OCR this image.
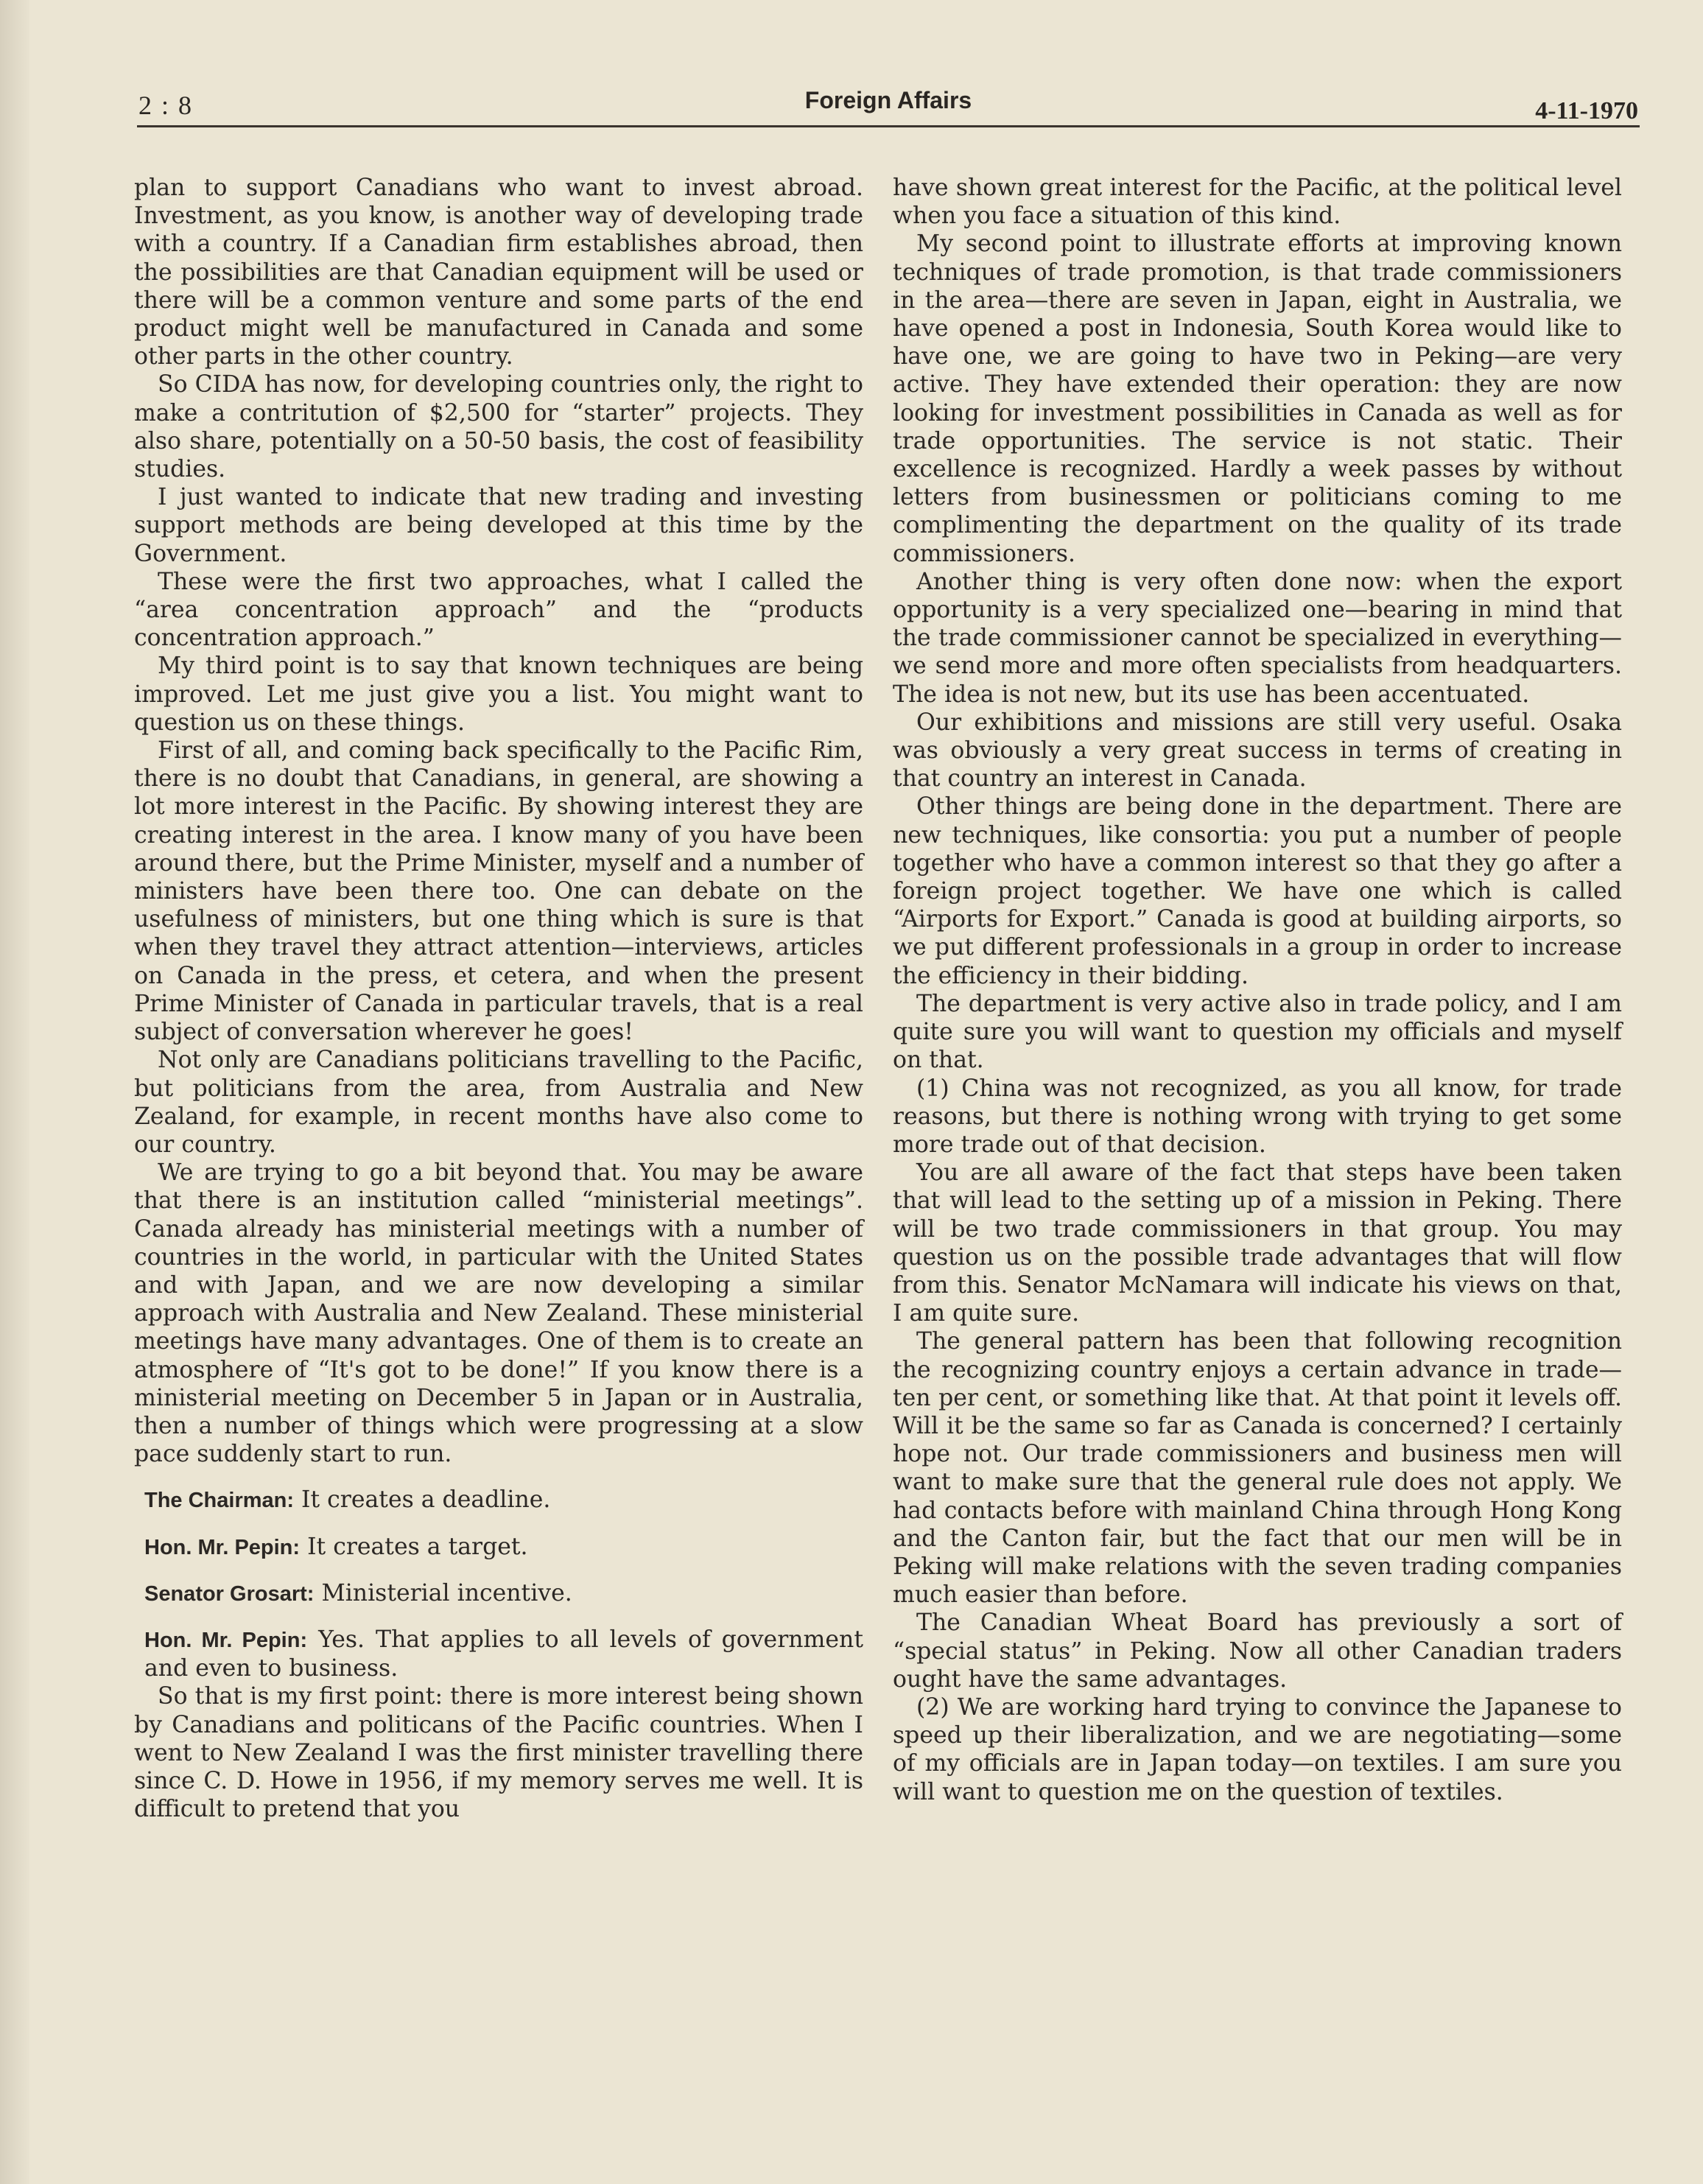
2 : 8	Foreign Affairs	4-11-1970

plan to support Canadians who want to invest abroad. Investment, as you know, is another way of developing trade with a country. If a Canadian firm establishes abroad, then the possibilities are that Canadian equipment will be used or there will be a common venture and some parts of the end product might well be manufactured in Canada and some other parts in the other country.

So CIDA has now, for developing countries only, the right to make a contritution of $2,500 for “starter” projects. They also share, potentially on a 50-50 basis, the cost of feasibility studies.

I just wanted to indicate that new trading and investing support methods are being developed at this time by the Government.

These were the first two approaches, what I called the “area concentration approach” and the “products concentration approach.”

My third point is to say that known techniques are being improved. Let me just give you a list. You might want to question us on these things.

First of all, and coming back specifically to the Pacific Rim, there is no doubt that Canadians, in general, are showing a lot more interest in the Pacific. By showing interest they are creating interest in the area. I know many of you have been around there, but the Prime Minister, myself and a number of ministers have been there too. One can debate on the usefulness of ministers, but one thing which is sure is that when they travel they attract attention—interviews, articles on Canada in the press, et cetera, and when the present Prime Minister of Canada in particular travels, that is a real subject of conversation wherever he goes!

Not only are Canadians politicians travelling to the Pacific, but politicians from the area, from Australia and New Zealand, for example, in recent months have also come to our country.

We are trying to go a bit beyond that. You may be aware that there is an institution called “ministerial meetings”. Canada already has ministerial meetings with a number of countries in the world, in particular with the United States and with Japan, and we are now developing a similar approach with Australia and New Zealand. These ministerial meetings have many advantages. One of them is to create an atmosphere of “It's got to be done!” If you know there is a ministerial meeting on December 5 in Japan or in Australia, then a number of things which were progressing at a slow pace suddenly start to run.

The Chairman: It creates a deadline.

Hon. Mr. Pepin: It creates a target.

Senator Grosart: Ministerial incentive.

Hon. Mr. Pepin: Yes. That applies to all levels of government and even to business.

So that is my first point: there is more interest being shown by Canadians and politicans of the Pacific countries. When I went to New Zealand I was the first minister travelling there since C. D. Howe in 1956, if my memory serves me well. It is difficult to pretend that you

have shown great interest for the Pacific, at the political level when you face a situation of this kind.

My second point to illustrate efforts at improving known techniques of trade promotion, is that trade commissioners in the area—there are seven in Japan, eight in Australia, we have opened a post in Indonesia, South Korea would like to have one, we are going to have two in Peking—are very active. They have extended their operation: they are now looking for investment possibilities in Canada as well as for trade opportunities. The service is not static. Their excellence is recognized. Hardly a week passes by without letters from businessmen or politicians coming to me complimenting the department on the quality of its trade commissioners.

Another thing is very often done now: when the export opportunity is a very specialized one—bearing in mind that the trade commissioner cannot be specialized in everything—we send more and more often specialists from headquarters. The idea is not new, but its use has been accentuated.

Our exhibitions and missions are still very useful. Osaka was obviously a very great success in terms of creating in that country an interest in Canada.

Other things are being done in the department. There are new techniques, like consortia: you put a number of people together who have a common interest so that they go after a foreign project together. We have one which is called “Airports for Export.” Canada is good at building airports, so we put different professionals in a group in order to increase the efficiency in their bidding.

The department is very active also in trade policy, and I am quite sure you will want to question my officials and myself on that.

(1) China was not recognized, as you all know, for trade reasons, but there is nothing wrong with trying to get some more trade out of that decision.

You are all aware of the fact that steps have been taken that will lead to the setting up of a mission in Peking. There will be two trade commissioners in that group. You may question us on the possible trade advantages that will flow from this. Senator McNamara will indicate his views on that, I am quite sure.

The general pattern has been that following recognition the recognizing country enjoys a certain advance in trade—ten per cent, or something like that. At that point it levels off. Will it be the same so far as Canada is concerned? I certainly hope not. Our trade commissioners and business men will want to make sure that the general rule does not apply. We had contacts before with mainland China through Hong Kong and the Canton fair, but the fact that our men will be in Peking will make relations with the seven trading companies much easier than before.

The Canadian Wheat Board has previously a sort of “special status” in Peking. Now all other Canadian traders ought have the same advantages.

(2) We are working hard trying to convince the Japanese to speed up their liberalization, and we are negotiating—some of my officials are in Japan today—on textiles. I am sure you will want to question me on the question of textiles.
